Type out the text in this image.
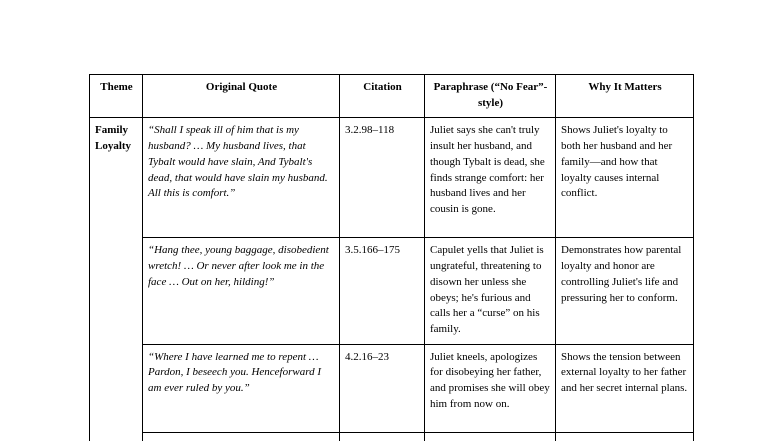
Theme	Original Quote	Citation	Paraphrase (“No Fear”-style)	Why It Matters
Family Loyalty	“Shall I speak ill of him that is my husband? … My husband lives, that Tybalt would have slain, And Tybalt's dead, that would have slain my husband. All this is comfort.”	3.2.98–118	Juliet says she can't truly insult her husband, and though Tybalt is dead, she finds strange comfort: her husband lives and her cousin is gone.	Shows Juliet's loyalty to both her husband and her family—and how that loyalty causes internal conflict.
	“Hang thee, young baggage, disobedient wretch! … Or never after look me in the face … Out on her, hilding!”	3.5.166–175	Capulet yells that Juliet is ungrateful, threatening to disown her unless she obeys; he's furious and calls her a “curse” on his family.	Demonstrates how parental loyalty and honor are controlling Juliet's life and pressuring her to conform.
	“Where I have learned me to repent … Pardon, I beseech you. Henceforward I am ever ruled by you.”	4.2.16–23	Juliet kneels, apologizes for disobeying her father, and promises she will obey him from now on.	Shows the tension between external loyalty to her father and her secret internal plans.
